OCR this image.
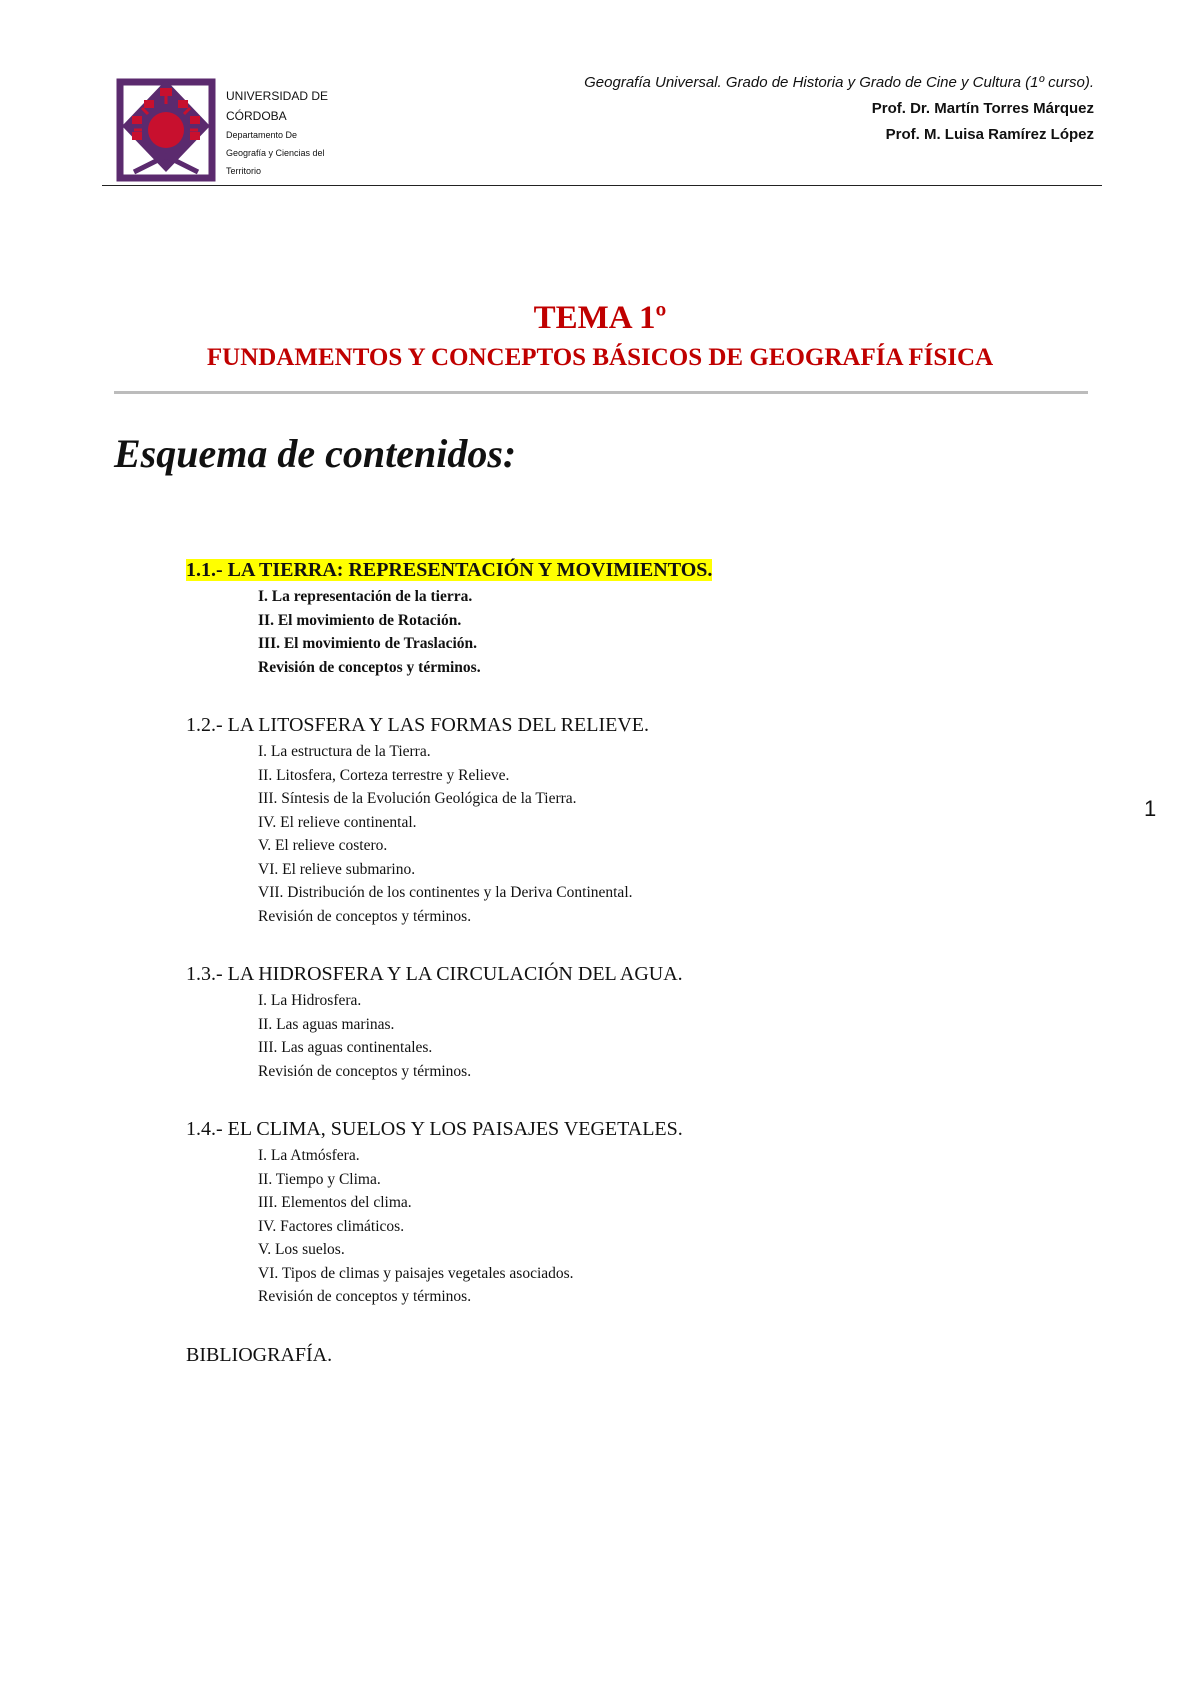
UNIVERSIDAD DE
CÓRDOBA
Departamento De
Geografía y Ciencias del
Territorio
Geografía Universal. Grado de Historia y Grado de Cine y Cultura (1º curso).
Prof. Dr. Martín Torres Márquez
Prof. M. Luisa Ramírez López
TEMA 1º
FUNDAMENTOS Y CONCEPTOS BÁSICOS DE GEOGRAFÍA FÍSICA
Esquema de contenidos:
1.1.- LA TIERRA: REPRESENTACIÓN Y MOVIMIENTOS.
I. La representación de la tierra.
II. El movimiento de Rotación.
III. El movimiento de Traslación.
Revisión de conceptos y términos.
1.2.- LA LITOSFERA Y LAS FORMAS DEL RELIEVE.
I. La estructura de la Tierra.
II. Litosfera, Corteza terrestre y Relieve.
III. Síntesis de la Evolución Geológica de la Tierra.
IV. El relieve continental.
V. El relieve costero.
VI. El relieve submarino.
VII. Distribución de los continentes y la Deriva Continental.
Revisión de conceptos y términos.
1.3.- LA HIDROSFERA Y LA CIRCULACIÓN DEL AGUA.
I. La Hidrosfera.
II. Las aguas marinas.
III. Las aguas continentales.
Revisión de conceptos y términos.
1.4.- EL CLIMA, SUELOS Y LOS PAISAJES VEGETALES.
I. La Atmósfera.
II. Tiempo y Clima.
III. Elementos del clima.
IV. Factores climáticos.
V. Los suelos.
VI. Tipos de climas y paisajes vegetales asociados.
Revisión de conceptos y términos.
BIBLIOGRAFÍA.
1
